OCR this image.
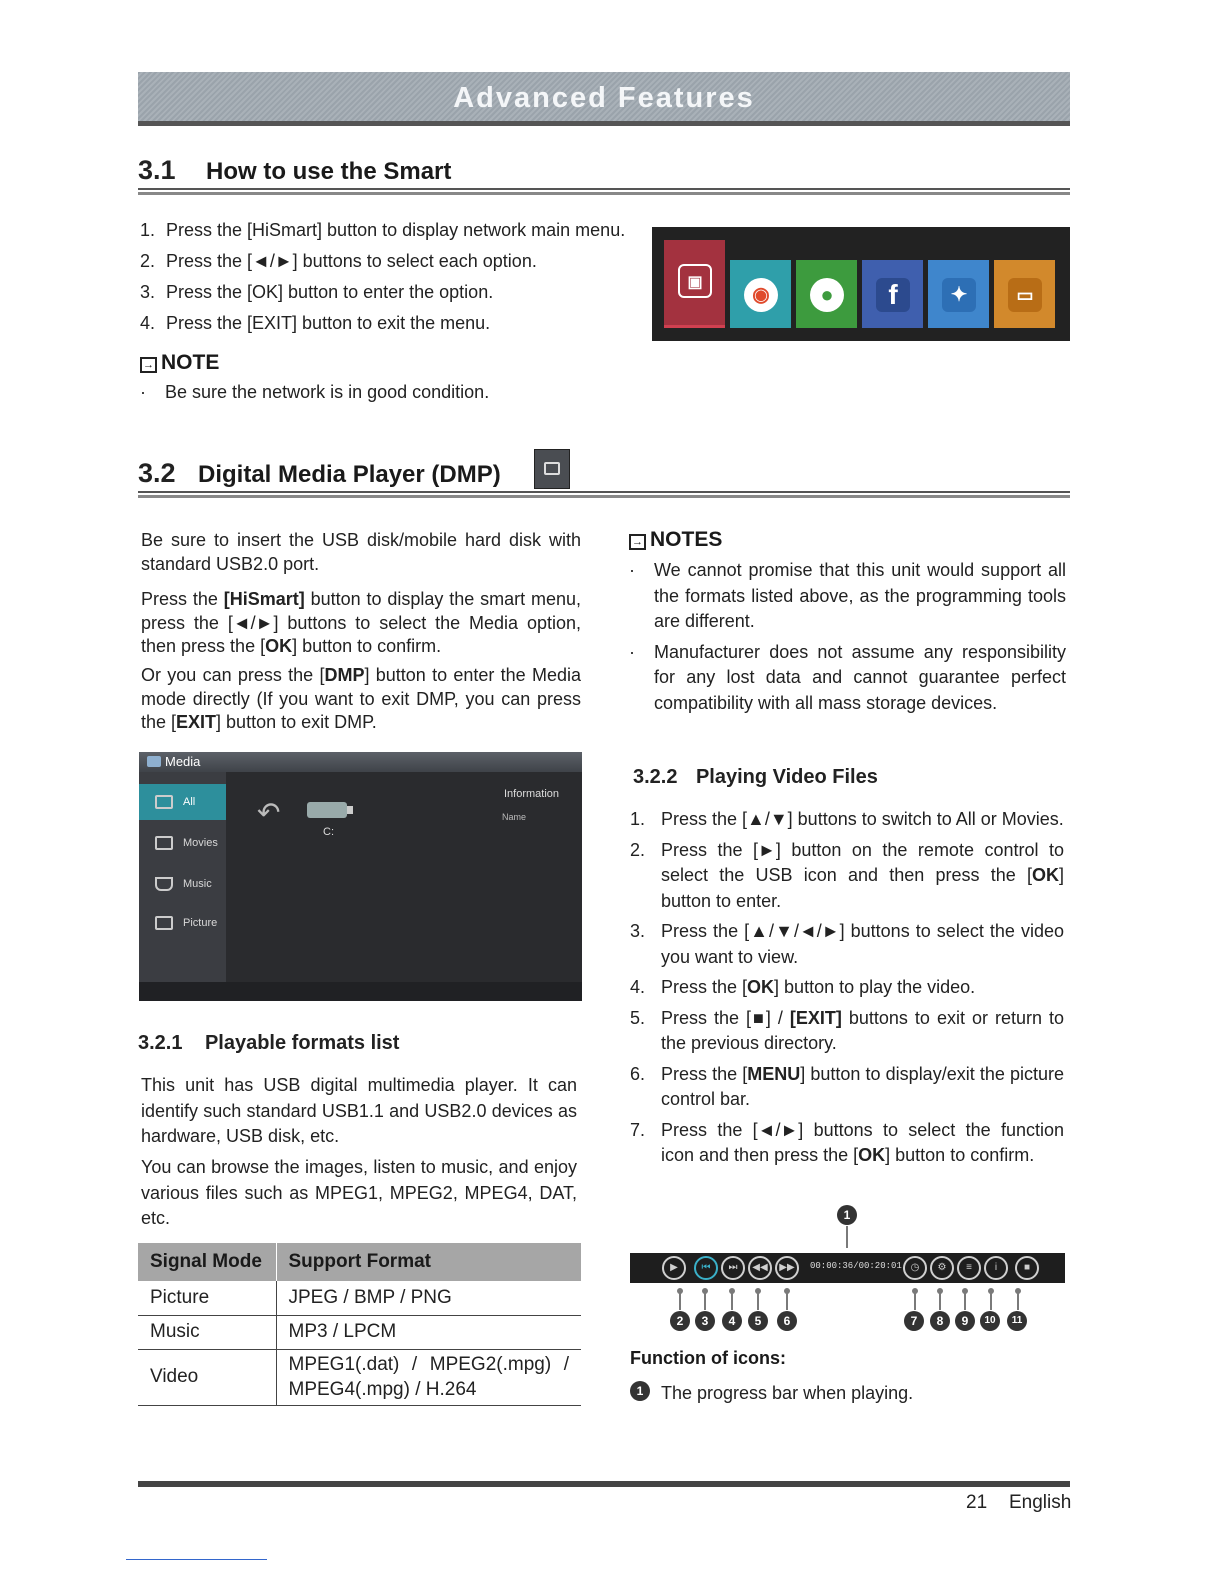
Advanced Features
3.1 How to use the Smart
1. Press the [HiSmart] button to display network main menu.
2. Press the [◄/►] buttons to select each option.
3. Press the [OK] button to enter the option.
4. Press the [EXIT] button to exit the menu.
→ NOTE
· Be sure the network is in good condition.
▣
◉	●	f	✦	▭
3.2 Digital Media Player (DMP)
Be sure to insert the USB disk/mobile hard disk with standard USB2.0 port.
Press the [HiSmart] button to display the smart menu, press the [◄/►] buttons to select the Media option, then press the [OK] button to confirm.
Or you can press the [DMP] button to enter the Media mode directly (If you want to exit DMP, you can press the [EXIT] button to exit DMP.
Media
All
Movies
Music
Picture
↶
C:
Information
Name
3.2.1 Playable formats list
This unit has USB digital multimedia player. It can identify such standard USB1.1 and USB2.0 devices as hardware, USB disk, etc.
You can browse the images, listen to music, and enjoy various files such as MPEG1, MPEG2, MPEG4, DAT, etc.
Signal Mode	Support Format
Picture	JPEG / BMP / PNG
Music	MP3 / LPCM
Video	MPEG1(.dat) / MPEG2(.mpg) / MPEG4(.mpg) / H.264
→ NOTES
· We cannot promise that this unit would support all the formats listed above, as the programming tools are different.
· Manufacturer does not assume any responsibility for any lost data and cannot guarantee perfect compatibility with all mass storage devices.
3.2.2 Playing Video Files
1. Press the [▲/▼] buttons to switch to All or Movies.
2. Press the [►] button on the remote control to select the USB icon and then press the [OK] button to enter.
3. Press the [▲/▼/◄/►] buttons to select the video you want to view.
4. Press the [OK] button to play the video.
5. Press the [■] / [EXIT] buttons to exit or return to the previous directory.
6. Press the [MENU] button to display/exit the picture control bar.
7. Press the [◄/►] buttons to select the function icon and then press the [OK] button to confirm.
1
▶	⏮	⏭	◀◀	▶▶	00:00:36/00:20:01 ◷	⚙	≡	i	■
2	3	4	5	6	7	8	9	10	11
Function of icons:
1 The progress bar when playing.
21 English
